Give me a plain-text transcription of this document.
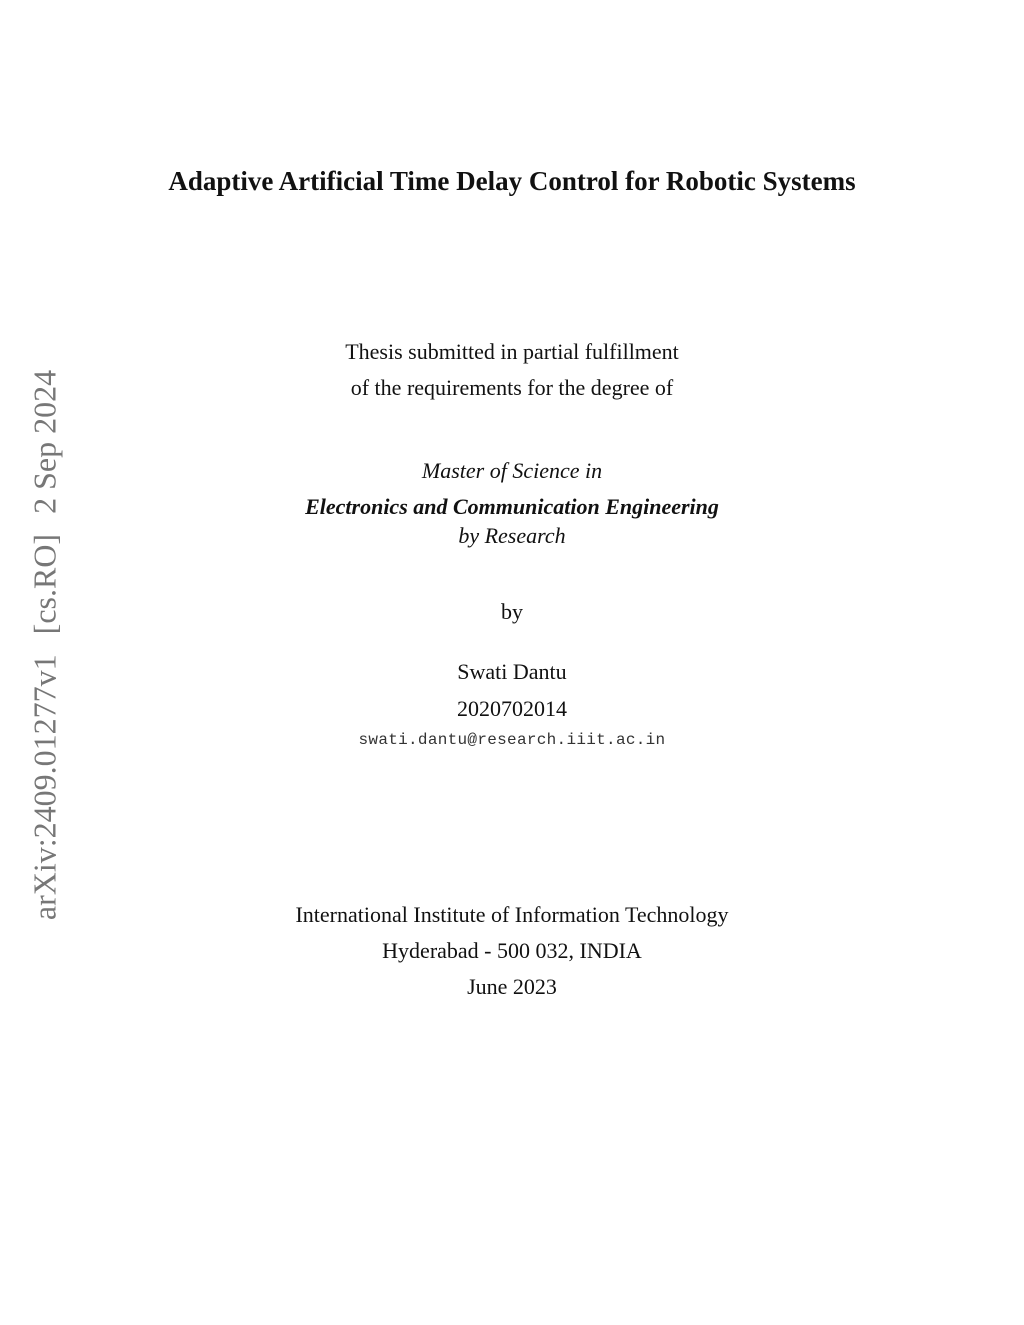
arXiv:2409.01277v1[cs.RO]2 Sep 2024
Adaptive Artificial Time Delay Control for Robotic Systems
Thesis submitted in partial fulfillment
of the requirements for the degree of
Master of Science in
Electronics and Communication Engineering
by Research
by
Swati Dantu
2020702014
swati.dantu@research.iiit.ac.in
International Institute of Information Technology
Hyderabad - 500 032, INDIA
June 2023
